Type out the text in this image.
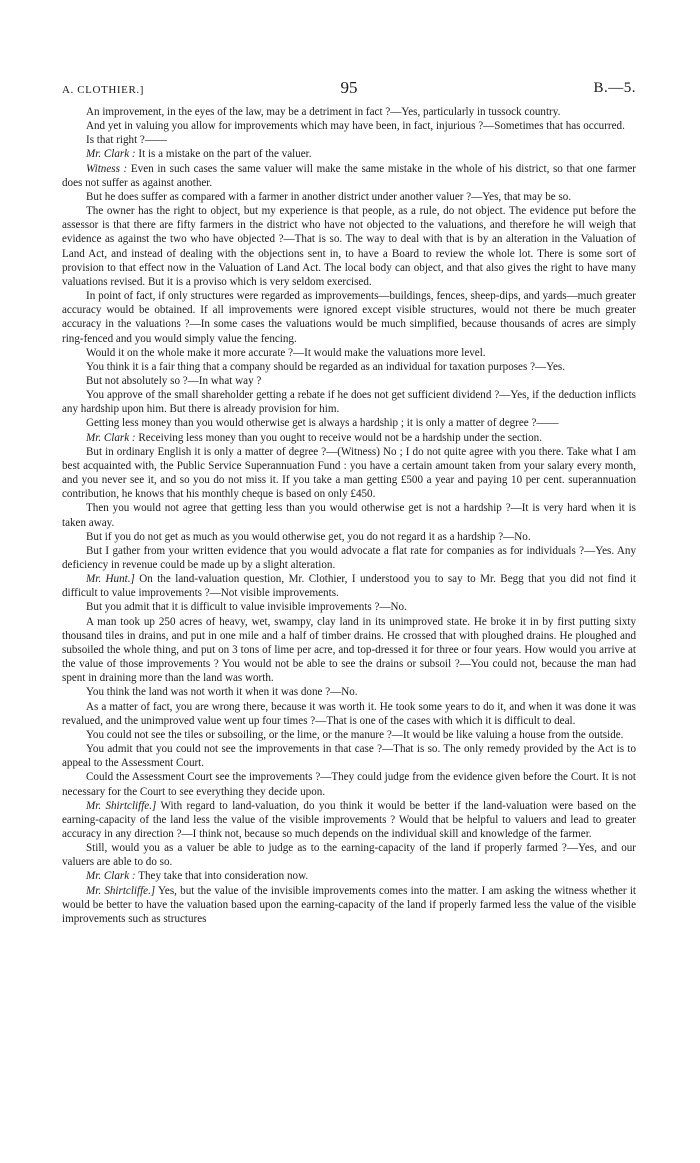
A. CLOTHIER.]	95	B.—5.

An improvement, in the eyes of the law, may be a detriment in fact ?—Yes, particularly in tussock country.

And yet in valuing you allow for improvements which may have been, in fact, injurious ?—Sometimes that has occurred.

Is that right ?——

Mr. Clark : It is a mistake on the part of the valuer.

Witness : Even in such cases the same valuer will make the same mistake in the whole of his district, so that one farmer does not suffer as against another.

But he does suffer as compared with a farmer in another district under another valuer ?—Yes, that may be so.

The owner has the right to object, but my experience is that people, as a rule, do not object. The evidence put before the assessor is that there are fifty farmers in the district who have not objected to the valuations, and therefore he will weigh that evidence as against the two who have objected ?—That is so. The way to deal with that is by an alteration in the Valuation of Land Act, and instead of dealing with the objections sent in, to have a Board to review the whole lot. There is some sort of provision to that effect now in the Valuation of Land Act. The local body can object, and that also gives the right to have many valuations revised. But it is a proviso which is very seldom exercised.

In point of fact, if only structures were regarded as improvements—buildings, fences, sheep-dips, and yards—much greater accuracy would be obtained. If all improvements were ignored except visible structures, would not there be much greater accuracy in the valuations ?—In some cases the valuations would be much simplified, because thousands of acres are simply ring-fenced and you would simply value the fencing.

Would it on the whole make it more accurate ?—It would make the valuations more level.

You think it is a fair thing that a company should be regarded as an individual for taxation purposes ?—Yes.

But not absolutely so ?—In what way ?

You approve of the small shareholder getting a rebate if he does not get sufficient dividend ?—Yes, if the deduction inflicts any hardship upon him. But there is already provision for him.

Getting less money than you would otherwise get is always a hardship ; it is only a matter of degree ?——

Mr. Clark : Receiving less money than you ought to receive would not be a hardship under the section.

But in ordinary English it is only a matter of degree ?—(Witness) No ; I do not quite agree with you there. Take what I am best acquainted with, the Public Service Superannuation Fund : you have a certain amount taken from your salary every month, and you never see it, and so you do not miss it. If you take a man getting £500 a year and paying 10 per cent. superannuation contribution, he knows that his monthly cheque is based on only £450.

Then you would not agree that getting less than you would otherwise get is not a hardship ?—It is very hard when it is taken away.

But if you do not get as much as you would otherwise get, you do not regard it as a hardship ?—No.

But I gather from your written evidence that you would advocate a flat rate for companies as for individuals ?—Yes. Any deficiency in revenue could be made up by a slight alteration.

Mr. Hunt.] On the land-valuation question, Mr. Clothier, I understood you to say to Mr. Begg that you did not find it difficult to value improvements ?—Not visible improvements.

But you admit that it is difficult to value invisible improvements ?—No.

A man took up 250 acres of heavy, wet, swampy, clay land in its unimproved state. He broke it in by first putting sixty thousand tiles in drains, and put in one mile and a half of timber drains. He crossed that with ploughed drains. He ploughed and subsoiled the whole thing, and put on 3 tons of lime per acre, and top-dressed it for three or four years. How would you arrive at the value of those improvements ? You would not be able to see the drains or subsoil ?—You could not, because the man had spent in draining more than the land was worth.

You think the land was not worth it when it was done ?—No.

As a matter of fact, you are wrong there, because it was worth it. He took some years to do it, and when it was done it was revalued, and the unimproved value went up four times ?—That is one of the cases with which it is difficult to deal.

You could not see the tiles or subsoiling, or the lime, or the manure ?—It would be like valuing a house from the outside.

You admit that you could not see the improvements in that case ?—That is so. The only remedy provided by the Act is to appeal to the Assessment Court.

Could the Assessment Court see the improvements ?—They could judge from the evidence given before the Court. It is not necessary for the Court to see everything they decide upon.

Mr. Shirtcliffe.] With regard to land-valuation, do you think it would be better if the land-valuation were based on the earning-capacity of the land less the value of the visible improvements ? Would that be helpful to valuers and lead to greater accuracy in any direction ?—I think not, because so much depends on the individual skill and knowledge of the farmer.

Still, would you as a valuer be able to judge as to the earning-capacity of the land if properly farmed ?—Yes, and our valuers are able to do so.

Mr. Clark : They take that into consideration now.

Mr. Shirtcliffe.] Yes, but the value of the invisible improvements comes into the matter. I am asking the witness whether it would be better to have the valuation based upon the earning-capacity of the land if properly farmed less the value of the visible improvements such as structures
